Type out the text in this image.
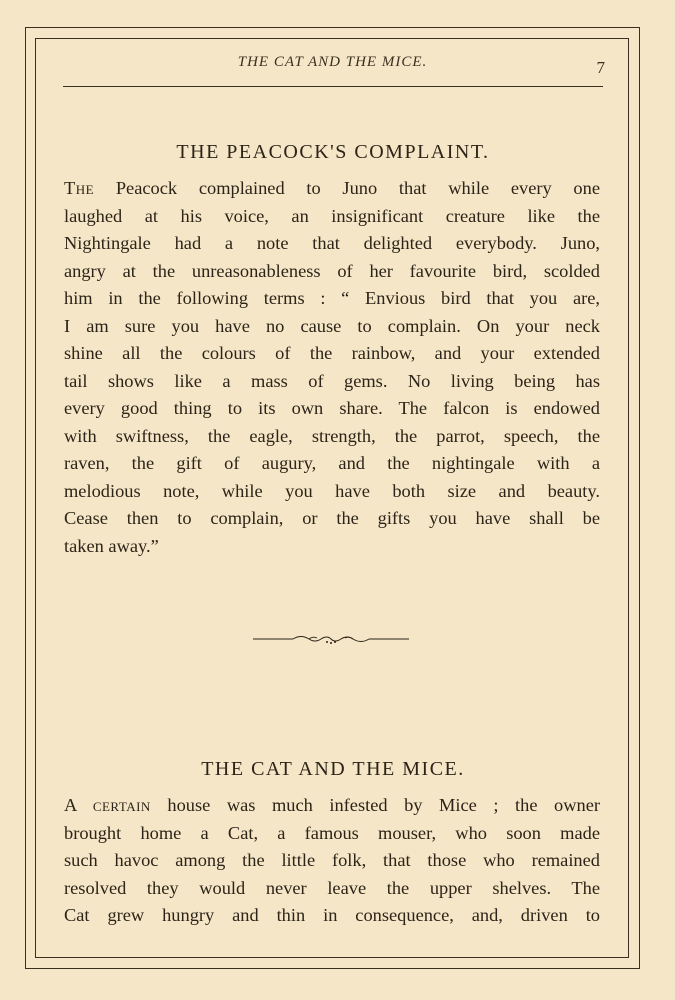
THE CAT AND THE MICE.	7
THE PEACOCK'S COMPLAINT.
The Peacock complained to Juno that while every one
laughed at his voice, an insignificant creature like the
Nightingale had a note that delighted everybody. Juno,
angry at the unreasonableness of her favourite bird, scolded
him in the following terms : “ Envious bird that you are,
I am sure you have no cause to complain. On your neck
shine all the colours of the rainbow, and your extended
tail shows like a mass of gems. No living being has
every good thing to its own share. The falcon is endowed
with swiftness, the eagle, strength, the parrot, speech, the
raven, the gift of augury, and the nightingale with a
melodious note, while you have both size and beauty.
Cease then to complain, or the gifts you have shall be
taken away.”
THE CAT AND THE MICE.
A certain house was much infested by Mice ; the owner
brought home a Cat, a famous mouser, who soon made
such havoc among the little folk, that those who remained
resolved they would never leave the upper shelves. The
Cat grew hungry and thin in consequence, and, driven to
